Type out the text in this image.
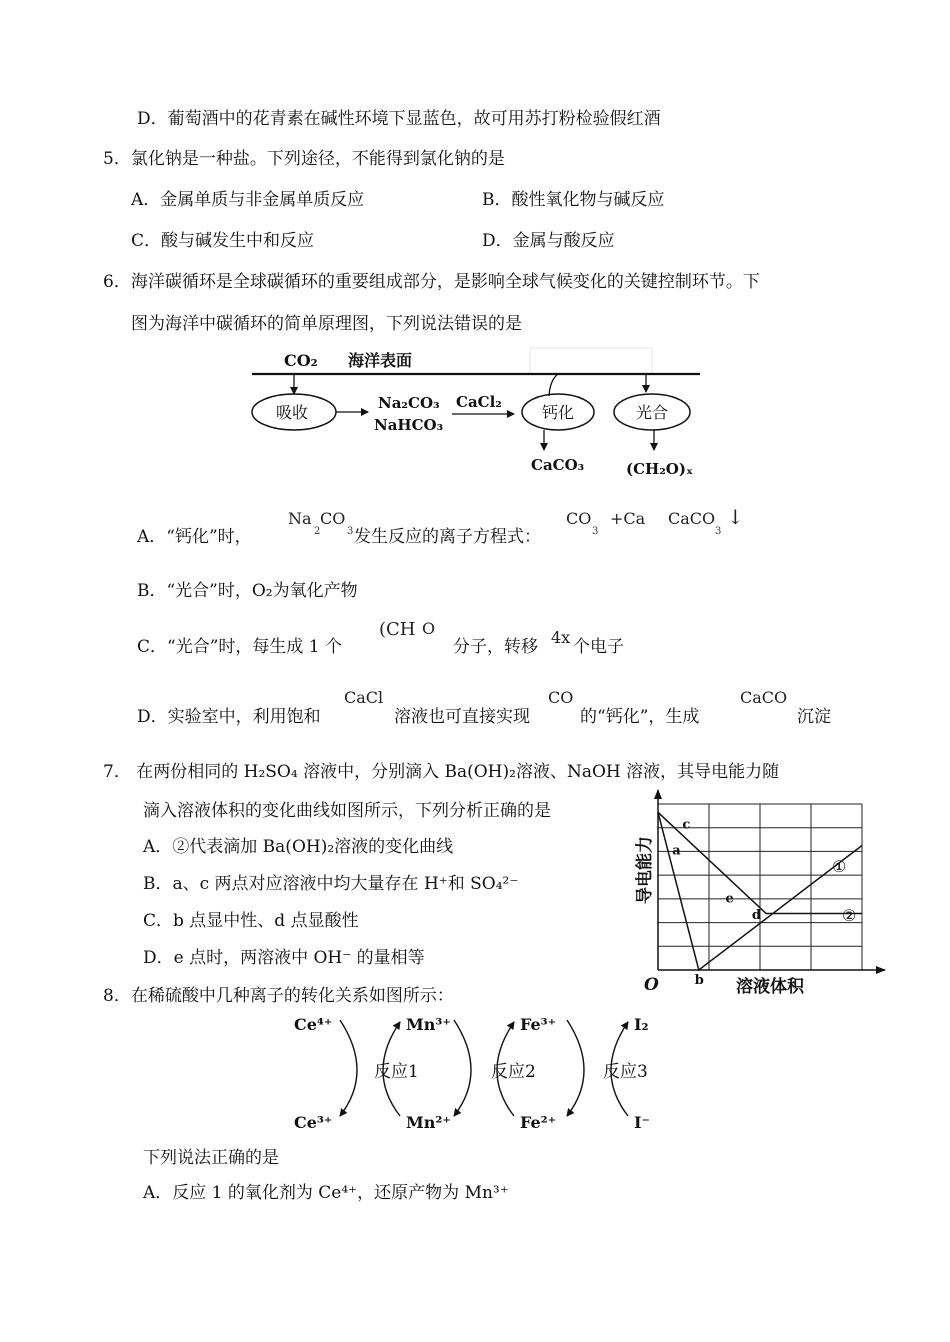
D．葡萄酒中的花青素在碱性环境下显蓝色，故可用苏打粉检验假红酒
5．氯化钠是一种盐。下列途径，不能得到氯化钠的是
A．金属单质与非金属单质反应	B．酸性氧化物与碱反应
C．酸与碱发生中和反应	D．金属与酸反应
6．海洋碳循环是全球碳循环的重要组成部分，是影响全球气候变化的关键控制环节。下
图为海洋中碳循环的简单原理图，下列说法错误的是
CO₂ 海洋表面
吸收	Na₂CO₃
NaHCO₃
CaCl₂
钙化
CaCO₃
光合
(CH₂O)ₓ
A．“钙化”时，
Na
2
CO
3 发生反应的离子方程式：
CO
3
+Ca CaCO
3
↓
B．“光合”时，O₂为氧化产物
C．“光合”时，每生成 1 个
(CH O
分子，转移 4x 个电子
D．实验室中，利用饱和
CaCl
溶液也可直接实现
CO
的“钙化”，生成
CaCO
沉淀
7． 在两份相同的 H₂SO₄ 溶液中，分别滴入 Ba(OH)₂溶液、NaOH 溶液，其导电能力随
滴入溶液体积的变化曲线如图所示，下列分析正确的是
A．②代表滴加 Ba(OH)₂溶液的变化曲线
B．a、c 两点对应溶液中均大量存在 H⁺和 SO₄²⁻
C．b 点显中性、d 点显酸性
D．e 点时，两溶液中 OH⁻ 的量相等
a
c
b
e
d
O	溶液体积
导电能力	①
②
8．在稀硫酸中几种离子的转化关系如图所示：
Ce⁴⁺
Ce³⁺
Mn³⁺
Mn²⁺
Fe³⁺
Fe²⁺
I₂
I⁻
反应1	反应2	反应3
下列说法正确的是
A．反应 1 的氧化剂为 Ce⁴⁺，还原产物为 Mn³⁺
